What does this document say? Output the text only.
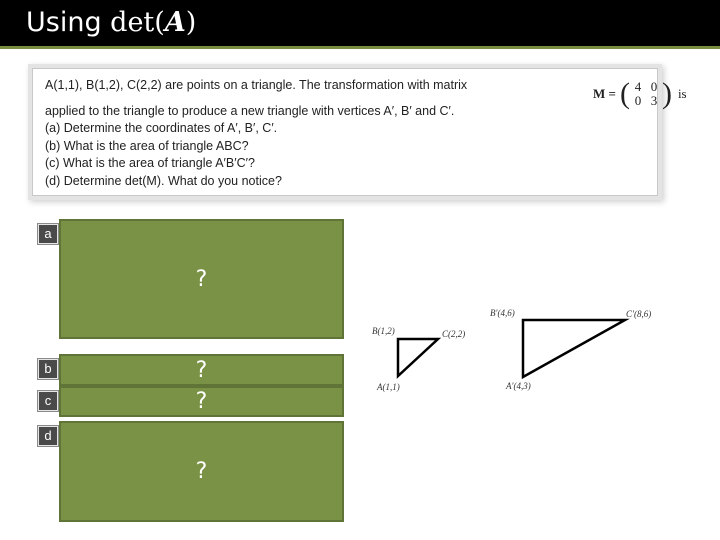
Using det(A)
A(1,1), B(1,2), C(2,2) are points on a triangle. The transformation with matrix
M = ( 4 0
0 3 ) is
applied to the triangle to produce a new triangle with vertices A′, B′ and C′.
(a) Determine the coordinates of A′, B′, C′.
(b) What is the area of triangle ABC?
(c) What is the area of triangle A′B′C′?
(d) Determine det(M). What do you notice?
a
?
b	?
c	?
d
?
B(1,2)	C(2,2)
A(1,1)
B′(4,6)	C′(8,6)
A′(4,3)
